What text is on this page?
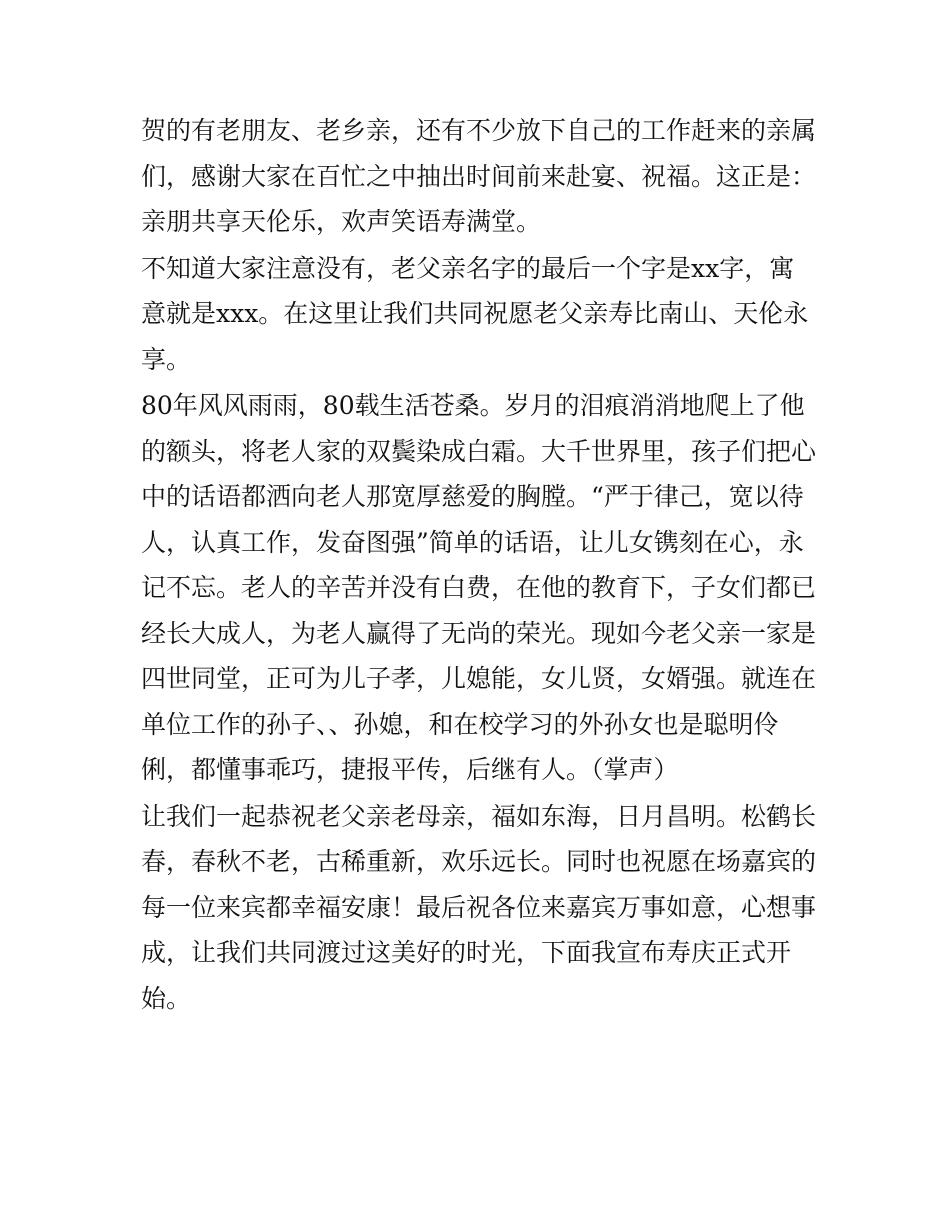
贺的有老朋友、老乡亲，还有不少放下自己的工作赶来的亲属

们，感谢大家在百忙之中抽出时间前来赴宴、祝福。这正是：

亲朋共享天伦乐，欢声笑语寿满堂。

不知道大家注意没有，老父亲名字的最后一个字是xx字，寓

意就是xxx。在这里让我们共同祝愿老父亲寿比南山、天伦永

享。

80年风风雨雨，80载生活苍桑。岁月的泪痕消消地爬上了他

的额头，将老人家的双鬓染成白霜。大千世界里，孩子们把心

中的话语都洒向老人那宽厚慈爱的胸膛。“严于律己，宽以待

人，认真工作，发奋图强”简单的话语，让儿女镌刻在心，永

记不忘。老人的辛苦并没有白费，在他的教育下，子女们都已

经长大成人，为老人赢得了无尚的荣光。现如今老父亲一家是

四世同堂，正可为儿子孝，儿媳能，女儿贤，女婿强。就连在

单位工作的孙子、、孙媳，和在校学习的外孙女也是聪明伶

俐，都懂事乖巧，捷报平传，后继有人。（掌声）

让我们一起恭祝老父亲老母亲，福如东海，日月昌明。松鹤长

春，春秋不老，古稀重新，欢乐远长。同时也祝愿在场嘉宾的

每一位来宾都幸福安康！最后祝各位来嘉宾万事如意，心想事

成，让我们共同渡过这美好的时光，下面我宣布寿庆正式开

始。
